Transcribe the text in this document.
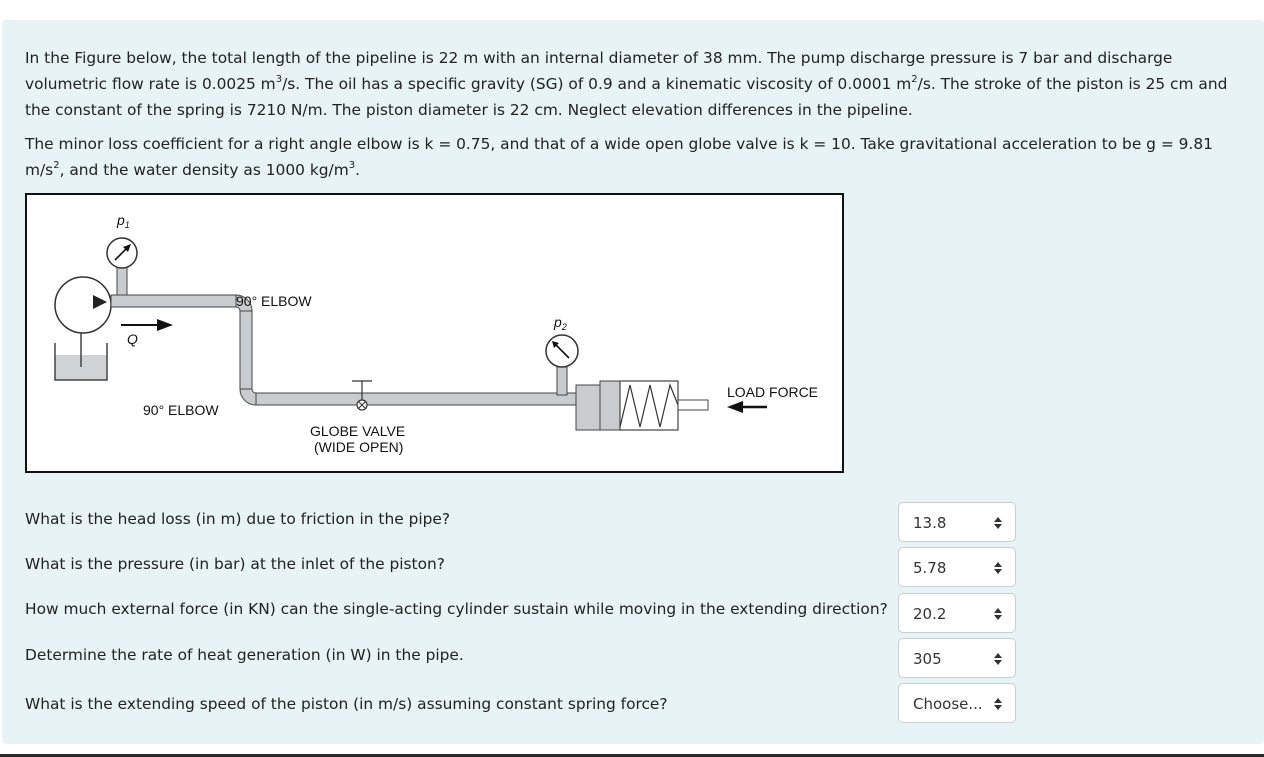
In the Figure below, the total length of the pipeline is 22 m with an internal diameter of 38 mm. The pump discharge pressure is 7 bar and discharge volumetric flow rate is 0.0025 $m^3/s$. The oil has a specific gravity (SG) of 0.9 and a kinematic viscosity of 0.0001 $m^2/s$. The stroke of the piston is 25 cm and the constant of the spring is 7210 N/m. The piston diameter is 22 cm. Neglect elevation differences in the pipeline.
The minor loss coefficient for a right angle elbow is k = 0.75, and that of a wide open globe valve is k = 10. Take gravitational acceleration to be g = 9.81 $m/s^2$, and the water density as 1000 $kg/m^3$.
$p_1$
$p_2$
Q
90° ELBOW
90° ELBOW
GLOBE VALVE
(WIDE OPEN)
LOAD FORCE
What is the head loss (in m) due to friction in the pipe?	13.8
What is the pressure (in bar) at the inlet of the piston?	5.78
How much external force (in KN) can the single-acting cylinder sustain while moving in the extending direction?	20.2
Determine the rate of heat generation (in W) in the pipe.	305
What is the extending speed of the piston (in m/s) assuming constant spring force?	Choose...
